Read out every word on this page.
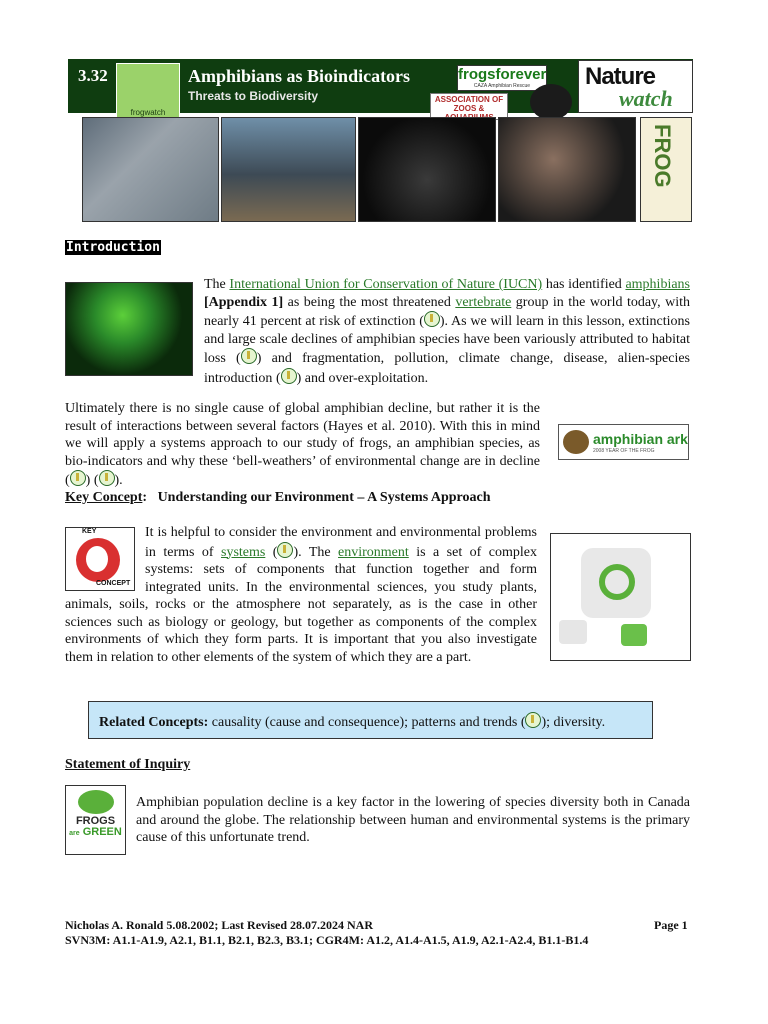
3.32
frogwatch
Amphibians as Bioindicators
Threats to Biodiversity
frogsforever
CAZA Amphibian Rescue
ASSOCIATION OF ZOOS &
Nature
watch
FROG
Introduction

The International Union for Conservation of Nature (IUCN) has identified amphibians [Appendix 1] as being the most threatened vertebrate group in the world today, with nearly 41 percent at risk of extinction ( ). As we will learn in this lesson, extinctions and large scale declines of amphibian species have been variously attributed to habitat loss ( ) and fragmentation, pollution, climate change, disease, alien-species introduction ( ) and over-exploitation.

Ultimately there is no single cause of global amphibian decline, but rather it is the result of interactions between several factors (Hayes et al. 2010). With this in mind we will apply a systems approach to our study of frogs, an amphibian species, as bio-indicators and why these ‘bell-weathers’ of environmental change are in decline ( ) ( ).

amphibian ark
2008 YEAR OF THE FROG
Key Concept: Understanding our Environment – A Systems Approach
KEY
CONCEPT

It is helpful to consider the environment and environmental problems in terms of systems ( ). The environment is a set of complex systems: sets of components that function together and form integrated units. In the environmental sciences, you study plants, animals, soils, rocks or the atmosphere not separately, as is the case in other sciences such as biology or geology, but together as components of the complex environments of which they form parts. It is important that you also investigate them in relation to other elements of the system of which they are a part.

Related Concepts: causality (cause and consequence); patterns and trends ( ); diversity.

Statement of Inquiry
FROGS
are GREEN

Amphibian population decline is a key factor in the lowering of species diversity both in Canada and around the globe. The relationship between human and environmental systems is the primary cause of this unfortunate trend.

Nicholas A. Ronald 5.08.2002; Last Revised 28.07.2024 NAR
SVN3M: A1.1-A1.9, A2.1, B1.1, B2.1, B2.3, B3.1; CGR4M: A1.2, A1.4-A1.5, A1.9, A2.1-A2.4, B1.1-B1.4
Page 1
